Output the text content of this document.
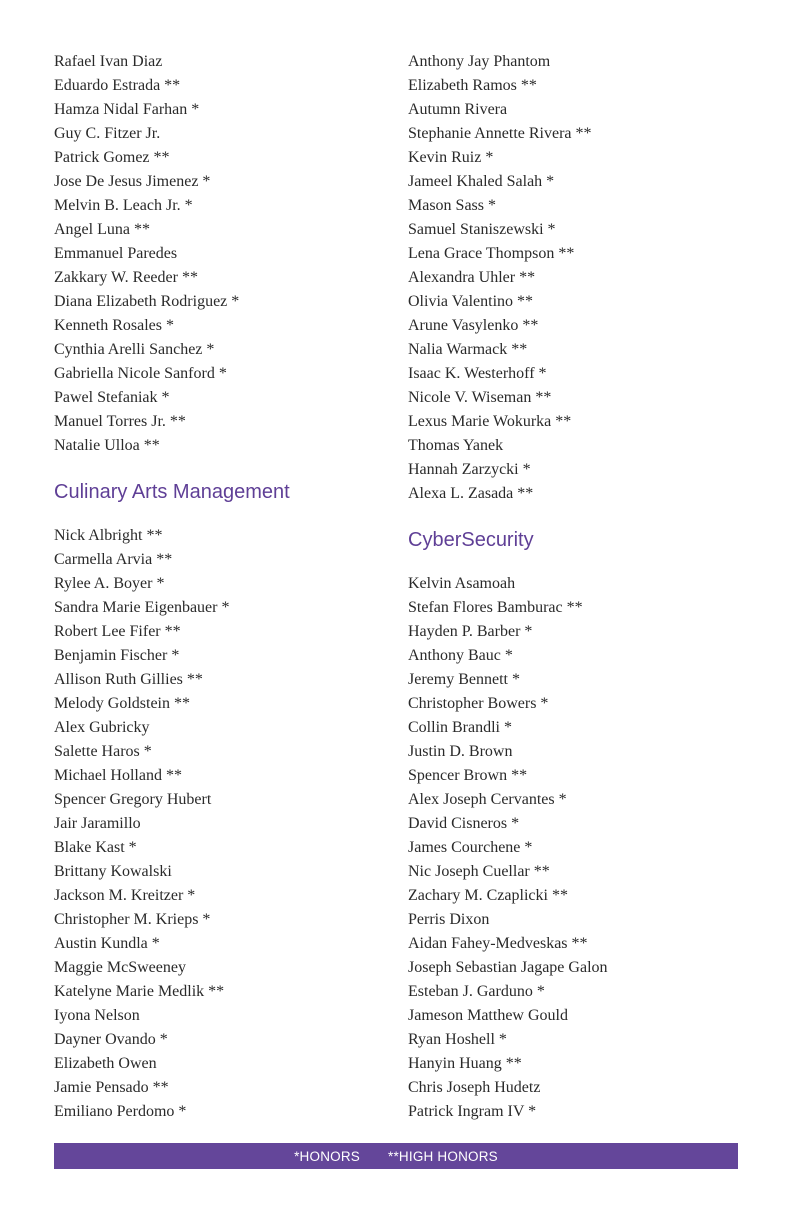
Rafael Ivan Diaz
Eduardo Estrada **
Hamza Nidal Farhan *
Guy C. Fitzer Jr.
Patrick Gomez **
Jose De Jesus Jimenez *
Melvin B. Leach Jr. *
Angel Luna **
Emmanuel Paredes
Zakkary W. Reeder **
Diana Elizabeth Rodriguez *
Kenneth Rosales *
Cynthia Arelli Sanchez *
Gabriella Nicole Sanford *
Pawel Stefaniak *
Manuel Torres Jr. **
Natalie Ulloa **
Culinary Arts Management
Nick Albright **
Carmella Arvia **
Rylee A. Boyer *
Sandra Marie Eigenbauer *
Robert Lee Fifer **
Benjamin Fischer *
Allison Ruth Gillies **
Melody Goldstein **
Alex Gubricky
Salette Haros *
Michael Holland **
Spencer Gregory Hubert
Jair Jaramillo
Blake Kast *
Brittany Kowalski
Jackson M. Kreitzer *
Christopher M. Krieps *
Austin Kundla *
Maggie McSweeney
Katelyne Marie Medlik **
Iyona Nelson
Dayner Ovando *
Elizabeth Owen
Jamie Pensado **
Emiliano Perdomo *
Anthony Jay Phantom
Elizabeth Ramos **
Autumn Rivera
Stephanie Annette Rivera **
Kevin Ruiz *
Jameel Khaled Salah *
Mason Sass *
Samuel Staniszewski *
Lena Grace Thompson **
Alexandra Uhler **
Olivia Valentino **
Arune Vasylenko **
Nalia Warmack **
Isaac K. Westerhoff *
Nicole V. Wiseman **
Lexus Marie Wokurka **
Thomas Yanek
Hannah Zarzycki *
Alexa L. Zasada **
CyberSecurity
Kelvin Asamoah
Stefan Flores Bamburac **
Hayden P. Barber *
Anthony Bauc *
Jeremy Bennett *
Christopher Bowers *
Collin Brandli *
Justin D. Brown
Spencer Brown **
Alex Joseph Cervantes *
David Cisneros *
James Courchene *
Nic Joseph Cuellar **
Zachary M. Czaplicki **
Perris Dixon
Aidan Fahey-Medveskas **
Joseph Sebastian Jagape Galon
Esteban J. Garduno *
Jameson Matthew Gould
Ryan Hoshell *
Hanyin Huang **
Chris Joseph Hudetz
Patrick Ingram IV *
*HONORS **HIGH HONORS
